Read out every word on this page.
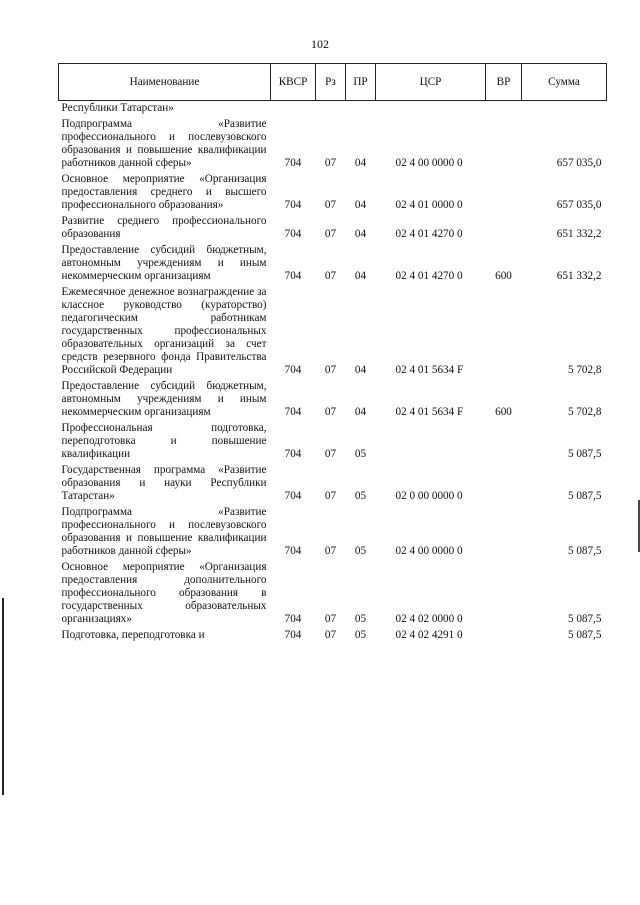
102
Наименование	КВСР	Рз	ПР	ЦСР	ВР	Сумма
Республики Татарстан»						
Подпрограмма «Развитие профессионального и послевузовского образования и повышение квалификации работников данной сферы»	704	07	04	02 4 00 0000 0		657 035,0
Основное мероприятие «Организация предоставления среднего и высшего профессионального образования»	704	07	04	02 4 01 0000 0		657 035,0
Развитие среднего профессионального образования	704	07	04	02 4 01 4270 0		651 332,2
Предоставление субсидий бюджетным, автономным учреждениям и иным некоммерческим организациям	704	07	04	02 4 01 4270 0	600	651 332,2
Ежемесячное денежное вознаграждение за классное руководство (кураторство) педагогическим работникам государственных профессиональных образовательных организаций за счет средств резервного фонда Правительства Российской Федерации	704	07	04	02 4 01 5634 F		5 702,8
Предоставление субсидий бюджетным, автономным учреждениям и иным некоммерческим организациям	704	07	04	02 4 01 5634 F	600	5 702,8
Профессиональная подготовка, переподготовка и повышение квалификации	704	07	05			5 087,5
Государственная программа «Развитие образования и науки Республики Татарстан»	704	07	05	02 0 00 0000 0		5 087,5
Подпрограмма «Развитие профессионального и послевузовского образования и повышение квалификации работников данной сферы»	704	07	05	02 4 00 0000 0		5 087,5
Основное мероприятие «Организация предоставления дополнительного профессионального образования в государственных образовательных организациях»	704	07	05	02 4 02 0000 0		5 087,5
Подготовка, переподготовка и	704	07	05	02 4 02 4291 0		5 087,5
